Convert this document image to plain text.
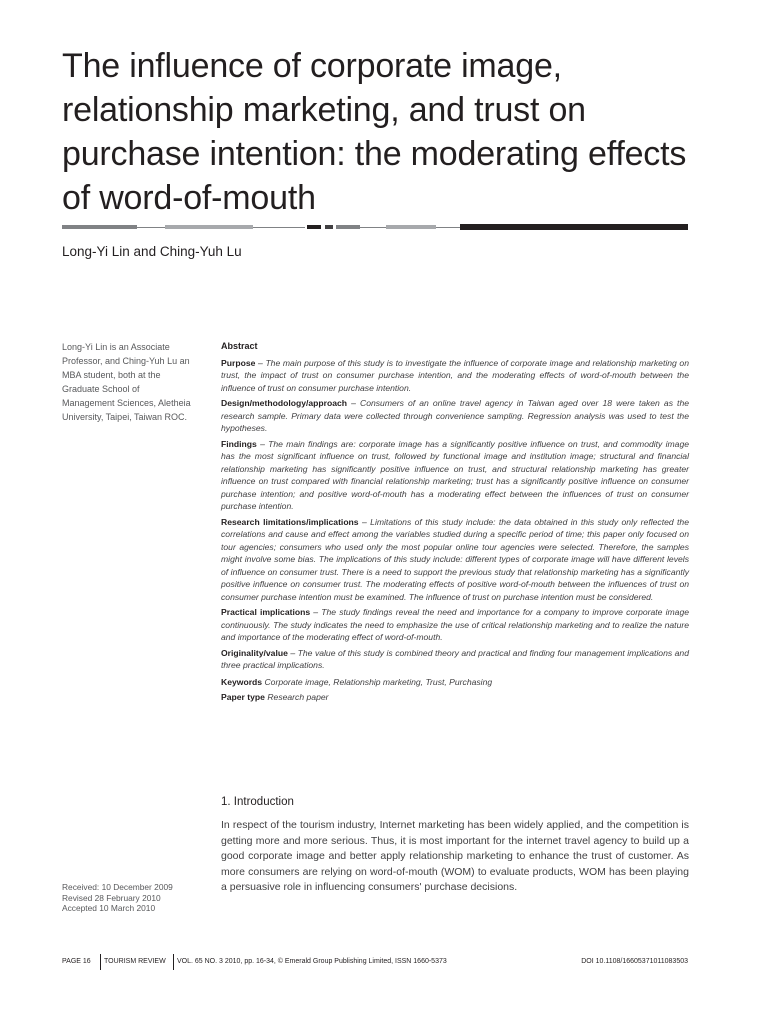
The influence of corporate image, relationship marketing, and trust on purchase intention: the moderating effects of word-of-mouth

Long-Yi Lin and Ching-Yuh Lu

Long-Yi Lin is an Associate Professor, and Ching-Yuh Lu an MBA student, both at the Graduate School of Management Sciences, Aletheia University, Taipei, Taiwan ROC.

Abstract

Purpose – The main purpose of this study is to investigate the influence of corporate image and relationship marketing on trust, the impact of trust on consumer purchase intention, and the moderating effects of word-of-mouth between the influence of trust on consumer purchase intention.

Design/methodology/approach – Consumers of an online travel agency in Taiwan aged over 18 were taken as the research sample. Primary data were collected through convenience sampling. Regression analysis was used to test the hypotheses.

Findings – The main findings are: corporate image has a significantly positive influence on trust, and commodity image has the most significant influence on trust, followed by functional image and institution image; structural and financial relationship marketing has significantly positive influence on trust, and structural relationship marketing has greater influence on trust compared with financial relationship marketing; trust has a significantly positive influence on consumer purchase intention; and positive word-of-mouth has a moderating effect between the influences of trust on consumer purchase intention.

Research limitations/implications – Limitations of this study include: the data obtained in this study only reflected the correlations and cause and effect among the variables studied during a specific period of time; this paper only focused on tour agencies; consumers who used only the most popular online tour agencies were selected. Therefore, the samples might involve some bias. The implications of this study include: different types of corporate image will have different levels of influence on consumer trust. There is a need to support the previous study that relationship marketing has a significantly positive influence on consumer trust. The moderating effects of positive word-of-mouth between the influences of trust on consumer purchase intention must be examined. The influence of trust on purchase intention must be considered.

Practical implications – The study findings reveal the need and importance for a company to improve corporate image continuously. The study indicates the need to emphasize the use of critical relationship marketing and to realize the nature and importance of the moderating effect of word-of-mouth.

Originality/value – The value of this study is combined theory and practical and finding four management implications and three practical implications.

Keywords Corporate image, Relationship marketing, Trust, Purchasing

Paper type Research paper

1. Introduction

In respect of the tourism industry, Internet marketing has been widely applied, and the competition is getting more and more serious. Thus, it is most important for the internet travel agency to build up a good corporate image and better apply relationship marketing to enhance the trust of customer. As more consumers are relying on word-of-mouth (WOM) to evaluate products, WOM has been playing a persuasive role in influencing consumers' purchase decisions.

Received: 10 December 2009
Revised 28 February 2010
Accepted 10 March 2010
PAGE 16 TOURISM REVIEW VOL. 65 NO. 3 2010, pp. 16-34, © Emerald Group Publishing Limited, ISSN 1660-5373	DOI 10.1108/16605371011083503
